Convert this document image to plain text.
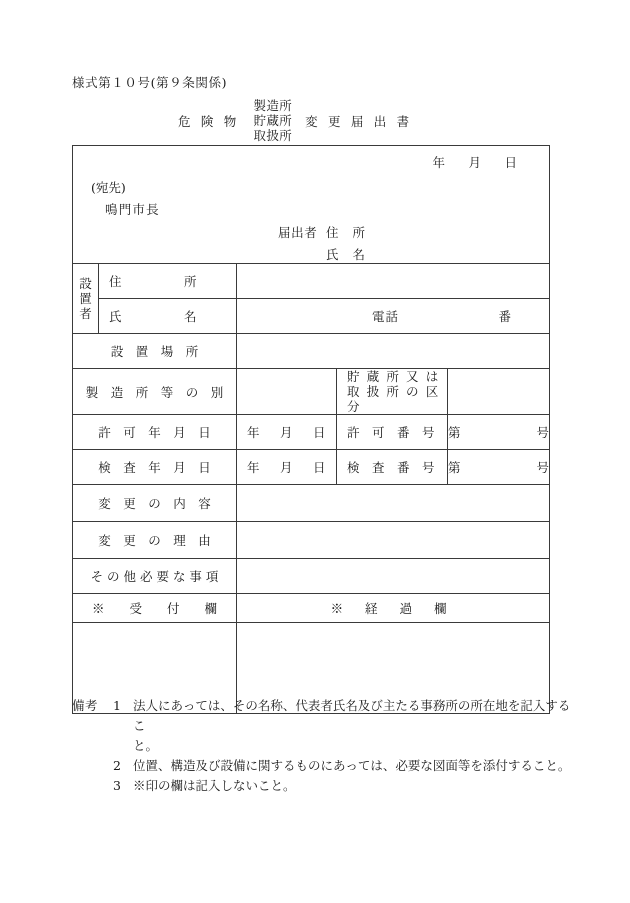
様式第１０号(第９条関係)
危 険 物
製造所
貯蔵所
取扱所
変 更 届 出 書
年 月 日
(宛先)
鳴門市長
届出者 住 所
氏 名

設
置
者	住　　　　　所			
	氏　　　　　名	電話 番		

設　置　場　所				
製　造　所　等　の　別			貯 蔵 所 又 は
取 扱 所 の 区 分	

許　可　年　月　日		年 月 日	許　可　番　号	第 号

検　査　年　月　日		年 月 日	検　査　番　号	第 号

変　更　の　内　容				
変　更　の　理　由				
そ の 他 必 要 な 事 項				
※　　受　　付　　欄		※ 経 過 欄		

備考	1 法人にあっては、その名称、代表者氏名及び主たる事務所の所在地を記入するこ
と。
2 位置、構造及び設備に関するものにあっては、必要な図面等を添付すること。
3 ※印の欄は記入しないこと。
